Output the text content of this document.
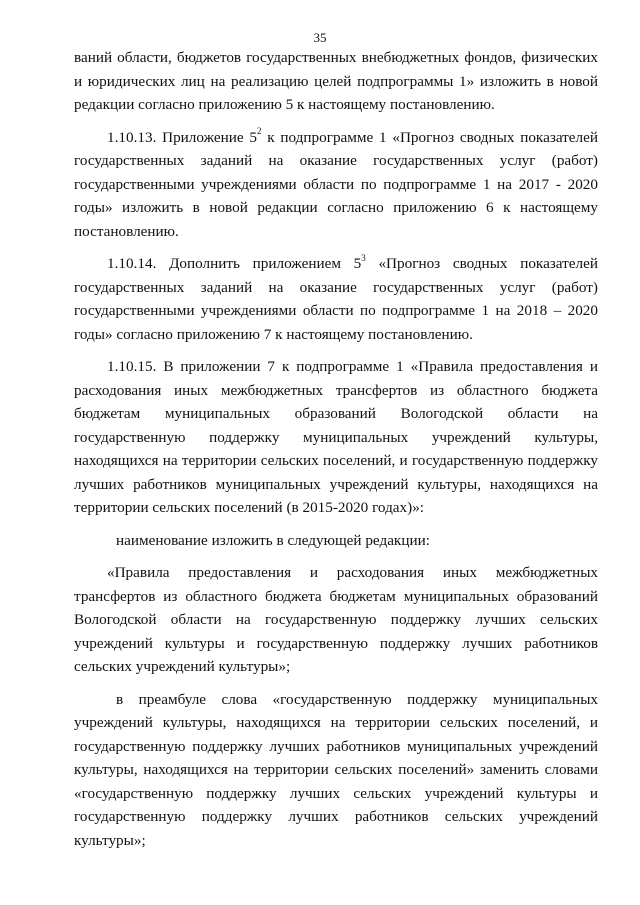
35

ваний области, бюджетов государственных внебюджетных фондов, физических и юридических лиц на реализацию целей подпрограммы 1» изложить в новой редакции согласно приложению 5 к настоящему постановлению.

1.10.13. Приложение $5^2$ к подпрограмме 1 «Прогноз сводных показателей государственных заданий на оказание государственных услуг (работ) государственными учреждениями области по подпрограмме 1 на 2017 - 2020 годы» изложить в новой редакции согласно приложению 6 к настоящему постановлению.

1.10.14. Дополнить приложением $5^3$ «Прогноз сводных показателей государственных заданий на оказание государственных услуг (работ) государственными учреждениями области по подпрограмме 1 на 2018 – 2020 годы» согласно приложению 7 к настоящему постановлению.

1.10.15. В приложении 7 к подпрограмме 1 «Правила предоставления и расходования иных межбюджетных трансфертов из областного бюджета бюджетам муниципальных образований Вологодской области на государственную поддержку муниципальных учреждений культуры, находящихся на территории сельских поселений, и государственную поддержку лучших работников муниципальных учреждений культуры, находящихся на территории сельских поселений (в 2015-2020 годах)»:

наименование изложить в следующей редакции:

«Правила предоставления и расходования иных межбюджетных трансфертов из областного бюджета бюджетам муниципальных образований Вологодской области на государственную поддержку лучших сельских учреждений культуры и государственную поддержку лучших работников сельских учреждений культуры»;

в преамбуле слова «государственную поддержку муниципальных учреждений культуры, находящихся на территории сельских поселений, и государственную поддержку лучших работников муниципальных учреждений культуры, находящихся на территории сельских поселений» заменить словами «государственную поддержку лучших сельских учреждений культуры и государственную поддержку лучших работников сельских учреждений культуры»;
